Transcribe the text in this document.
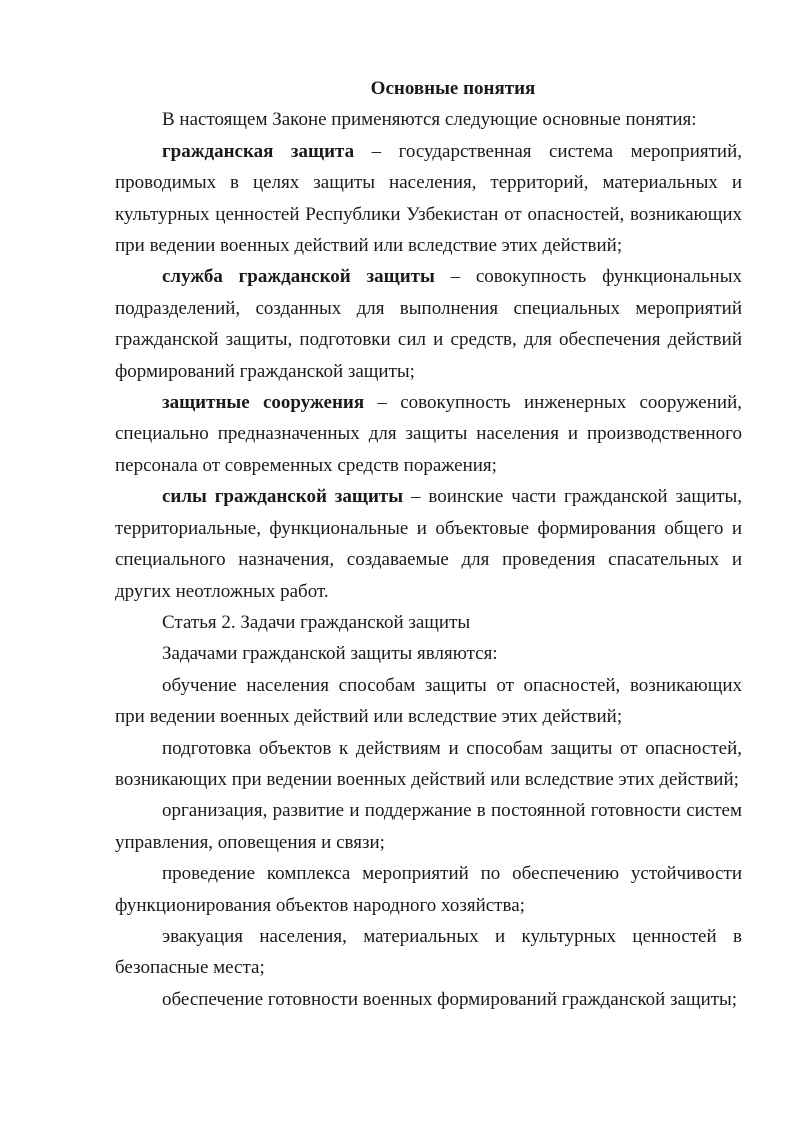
Основные понятия

В настоящем Законе применяются следующие основные понятия:

гражданская защита – государственная система мероприятий, проводимых в целях защиты населения, территорий, материальных и культурных ценностей Республики Узбекистан от опасностей, возникающих при ведении военных действий или вследствие этих действий;

служба гражданской защиты – совокупность функциональных подразделений, созданных для выполнения специальных мероприятий гражданской защиты, подготовки сил и средств, для обеспечения действий формирований гражданской защиты;

защитные сооружения – совокупность инженерных сооружений, специально предназначенных для защиты населения и производственного персонала от современных средств поражения;

силы гражданской защиты – воинские части гражданской защиты, территориальные, функциональные и объектовые формирования общего и специального назначения, создаваемые для проведения спасательных и других неотложных работ.

Статья 2. Задачи гражданской защиты

Задачами гражданской защиты являются:

обучение населения способам защиты от опасностей, возникающих при ведении военных действий или вследствие этих действий;

подготовка объектов к действиям и способам защиты от опасностей, возникающих при ведении военных действий или вследствие этих действий;

организация, развитие и поддержание в постоянной готовности систем управления, оповещения и связи;

проведение комплекса мероприятий по обеспечению устойчивости функционирования объектов народного хозяйства;

эвакуация населения, материальных и культурных ценностей в безопасные места;

обеспечение готовности военных формирований гражданской защиты;
